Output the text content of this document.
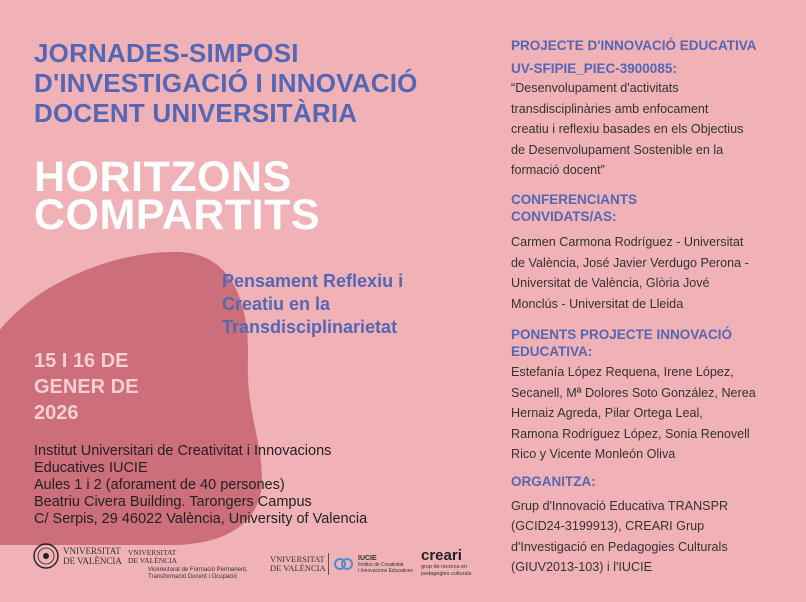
JORNADES-SIMPOSI
D'INVESTIGACIÓ I INNOVACIÓ
DOCENT UNIVERSITÀRIA
HORITZONS
COMPARTITS
Pensament Reflexiu i
Creatiu en la
Transdisciplinarietat
15 I 16 DE
GENER DE
2026
Institut Universitari de Creativitat i Innovacions
Educatives IUCIE
Aules 1 i 2 (aforament de 40 persones)
Beatriu Civera Building. Tarongers Campus
C/ Serpis, 29 46022 València, University of Valencia
PROJECTE D'INNOVACIÓ EDUCATIVA
UV-SFIPIE_PIEC-3900085:
“Desenvolupament d'activitats
transdisciplinàries amb enfocament
creatiu i reflexiu basades en els Objectius
de Desenvolupament Sostenible en la
formació docent”
CONFERENCIANTS
CONVIDATS/AS:
Carmen Carmona Rodríguez - Universitat
de València, José Javier Verdugo Perona -
Universitat de València, Glòria Jové
Monclús - Universitat de Lleida
PONENTS PROJECTE INNOVACIÓ
EDUCATIVA:
Estefanía López Requena, Irene López,
Secanell, Mª Dolores Soto González, Nerea
Hernaiz Agreda, Pilar Ortega Leal,
Ramona Rodríguez López, Sonia Renovell
Rico y Vicente Monleón Oliva
ORGANITZA:
Grup d'Innovació Educativa TRANSPR
(GCID24-3199913), CREARI Grup
d'Investigació en Pedagogies Culturals
(GIUV2013-103) i l'IUCIE
VNIVERSITAT
DE VALÈNCIA
VNIVERSITAT
DE VALÈNCIA
Vicerectorat de Formació Permanent,
Transformació Docent i Ocupació
VNIVERSITAT
DE VALÈNCIA
IUCIE
Institut de Creativitat
i Innovacions Educatives
creari
grup de recerca en
pedagogies culturals
